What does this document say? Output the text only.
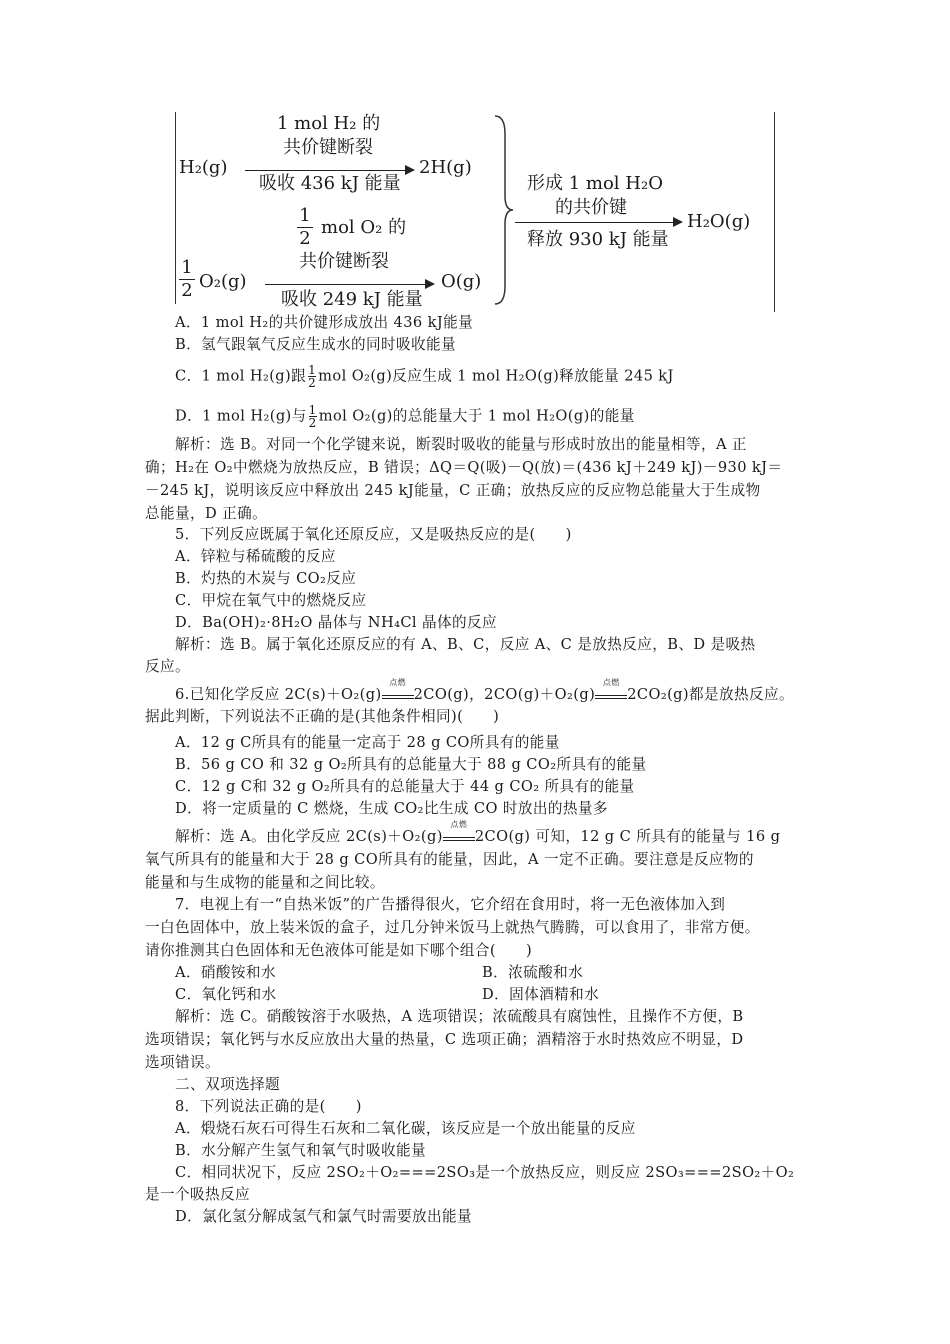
1 mol H₂ 的
共价键断裂
H₂(g)	2H(g)
吸收 436 kJ 能量
1
2
mol O₂ 的
共价键断裂
1
2 O₂(g)	O(g)
吸收 249 kJ 能量
形成 1 mol H₂O
的共价键
H₂O(g)
释放 930 kJ 能量
A．1 mol H₂的共价键形成放出 436 kJ能量
B．氢气跟氧气反应生成水的同时吸收能量
C．1 mol H₂(g)跟 $\frac{1}{2}$ mol O₂(g)反应生成 1 mol H₂O(g)释放能量 245 kJ
D．1 mol H₂(g)与 $\frac{1}{2}$ mol O₂(g)的总能量大于 1 mol H₂O(g)的能量
解析：选 B。对同一个化学键来说，断裂时吸收的能量与形成时放出的能量相等，A 正
确；H₂在 O₂中燃烧为放热反应，B 错误；ΔQ＝Q(吸)－Q(放)＝(436 kJ＋249 kJ)－930 kJ＝
－245 kJ，说明该反应中释放出 245 kJ能量，C 正确；放热反应的反应物总能量大于生成物
总能量，D 正确。
5．下列反应既属于氧化还原反应，又是吸热反应的是(　　)
A．锌粒与稀硫酸的反应
B．灼热的木炭与 CO₂反应
C．甲烷在氧气中的燃烧反应
D．Ba(OH)₂·8H₂O 晶体与 NH₄Cl 晶体的反应
解析：选 B。属于氧化还原反应的有 A、B、C，反应 A、C 是放热反应，B、D 是吸热
反应。
6.已知化学反应 2C(s)＋O₂(g)
点燃
2CO(g)，2CO(g)＋O₂(g)
点燃
2CO₂(g)都是放热反应。
据此判断，下列说法不正确的是(其他条件相同)(　　)
A．12 g C所具有的能量一定高于 28 g CO所具有的能量
B．56 g CO 和 32 g O₂所具有的总能量大于 88 g CO₂所具有的能量
C．12 g C和 32 g O₂所具有的总能量大于 44 g CO₂ 所具有的能量
D．将一定质量的 C 燃烧，生成 CO₂比生成 CO 时放出的热量多
解析：选 A。由化学反应 2C(s)＋O₂(g)
点燃
2CO(g) 可知，12 g C 所具有的能量与 16 g
氧气所具有的能量和大于 28 g CO所具有的能量，因此，A 一定不正确。要注意是反应物的
能量和与生成物的能量和之间比较。
7．电视上有一“自热米饭”的广告播得很火，它介绍在食用时，将一无色液体加入到
一白色固体中，放上装米饭的盒子，过几分钟米饭马上就热气腾腾，可以食用了，非常方便。
请你推测其白色固体和无色液体可能是如下哪个组合(　　)
A．硝酸铵和水	B．浓硫酸和水
C．氧化钙和水	D．固体酒精和水
解析：选 C。硝酸铵溶于水吸热，A 选项错误；浓硫酸具有腐蚀性，且操作不方便，B
选项错误；氧化钙与水反应放出大量的热量，C 选项正确；酒精溶于水时热效应不明显，D
选项错误。
二、双项选择题
8．下列说法正确的是(　　)
A．煅烧石灰石可得生石灰和二氧化碳，该反应是一个放出能量的反应
B．水分解产生氢气和氧气时吸收能量
C．相同状况下，反应 2SO₂＋O₂===2SO₃是一个放热反应，则反应 2SO₃===2SO₂＋O₂
是一个吸热反应
D．氯化氢分解成氢气和氯气时需要放出能量
